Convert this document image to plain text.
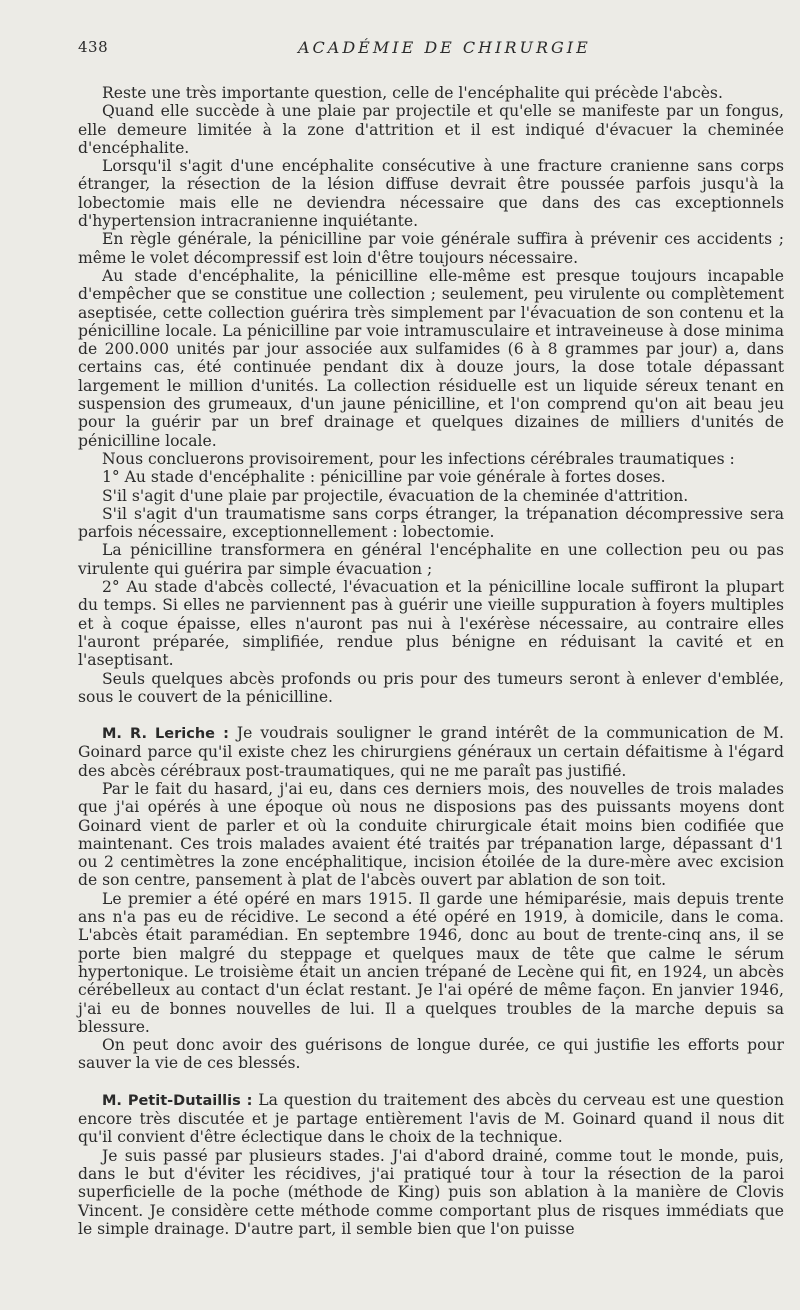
438	ACADÉMIE DE CHIRURGIE

Reste une très importante question, celle de l'encéphalite qui précède l'abcès.

Quand elle succède à une plaie par projectile et qu'elle se manifeste par un fongus, elle demeure limitée à la zone d'attrition et il est indiqué d'évacuer la cheminée d'encéphalite.

Lorsqu'il s'agit d'une encéphalite consécutive à une fracture cranienne sans corps étranger, la résection de la lésion diffuse devrait être poussée parfois jusqu'à la lobectomie mais elle ne deviendra nécessaire que dans des cas exceptionnels d'hypertension intracranienne inquiétante.

En règle générale, la pénicilline par voie générale suffira à prévenir ces accidents ; même le volet décompressif est loin d'être toujours nécessaire.

Au stade d'encéphalite, la pénicilline elle-même est presque toujours incapable d'empêcher que se constitue une collection ; seulement, peu virulente ou complètement aseptisée, cette collection guérira très simplement par l'évacuation de son contenu et la pénicilline locale. La pénicilline par voie intramusculaire et intraveineuse à dose minima de 200.000 unités par jour associée aux sulfamides (6 à 8 grammes par jour) a, dans certains cas, été continuée pendant dix à douze jours, la dose totale dépassant largement le million d'unités. La collection résiduelle est un liquide séreux tenant en suspension des grumeaux, d'un jaune pénicilline, et l'on comprend qu'on ait beau jeu pour la guérir par un bref drainage et quelques dizaines de milliers d'unités de pénicilline locale.

Nous concluerons provisoirement, pour les infections cérébrales traumatiques :

1° Au stade d'encéphalite : pénicilline par voie générale à fortes doses.

S'il s'agit d'une plaie par projectile, évacuation de la cheminée d'attrition.

S'il s'agit d'un traumatisme sans corps étranger, la trépanation décompressive sera parfois nécessaire, exceptionnellement : lobectomie.

La pénicilline transformera en général l'encéphalite en une collection peu ou pas virulente qui guérira par simple évacuation ;

2° Au stade d'abcès collecté, l'évacuation et la pénicilline locale suffiront la plupart du temps. Si elles ne parviennent pas à guérir une vieille suppuration à foyers multiples et à coque épaisse, elles n'auront pas nui à l'exérèse nécessaire, au contraire elles l'auront préparée, simplifiée, rendue plus bénigne en réduisant la cavité et en l'aseptisant.

Seuls quelques abcès profonds ou pris pour des tumeurs seront à enlever d'emblée, sous le couvert de la pénicilline.

M. R. Leriche : Je voudrais souligner le grand intérêt de la communication de M. Goinard parce qu'il existe chez les chirurgiens généraux un certain défaitisme à l'égard des abcès cérébraux post-traumatiques, qui ne me paraît pas justifié.

Par le fait du hasard, j'ai eu, dans ces derniers mois, des nouvelles de trois malades que j'ai opérés à une époque où nous ne disposions pas des puissants moyens dont Goinard vient de parler et où la conduite chirurgicale était moins bien codifiée que maintenant. Ces trois malades avaient été traités par trépanation large, dépassant d'1 ou 2 centimètres la zone encéphalitique, incision étoilée de la dure-mère avec excision de son centre, pansement à plat de l'abcès ouvert par ablation de son toit.

Le premier a été opéré en mars 1915. Il garde une hémiparésie, mais depuis trente ans n'a pas eu de récidive. Le second a été opéré en 1919, à domicile, dans le coma. L'abcès était paramédian. En septembre 1946, donc au bout de trente-cinq ans, il se porte bien malgré du steppage et quelques maux de tête que calme le sérum hypertonique. Le troisième était un ancien trépané de Lecène qui fit, en 1924, un abcès cérébelleux au contact d'un éclat restant. Je l'ai opéré de même façon. En janvier 1946, j'ai eu de bonnes nouvelles de lui. Il a quelques troubles de la marche depuis sa blessure.

On peut donc avoir des guérisons de longue durée, ce qui justifie les efforts pour sauver la vie de ces blessés.

M. Petit-Dutaillis : La question du traitement des abcès du cerveau est une question encore très discutée et je partage entièrement l'avis de M. Goinard quand il nous dit qu'il convient d'être éclectique dans le choix de la technique.

Je suis passé par plusieurs stades. J'ai d'abord drainé, comme tout le monde, puis, dans le but d'éviter les récidives, j'ai pratiqué tour à tour la résection de la paroi superficielle de la poche (méthode de King) puis son ablation à la manière de Clovis Vincent. Je considère cette méthode comme comportant plus de risques immédiats que le simple drainage. D'autre part, il semble bien que l'on puisse
